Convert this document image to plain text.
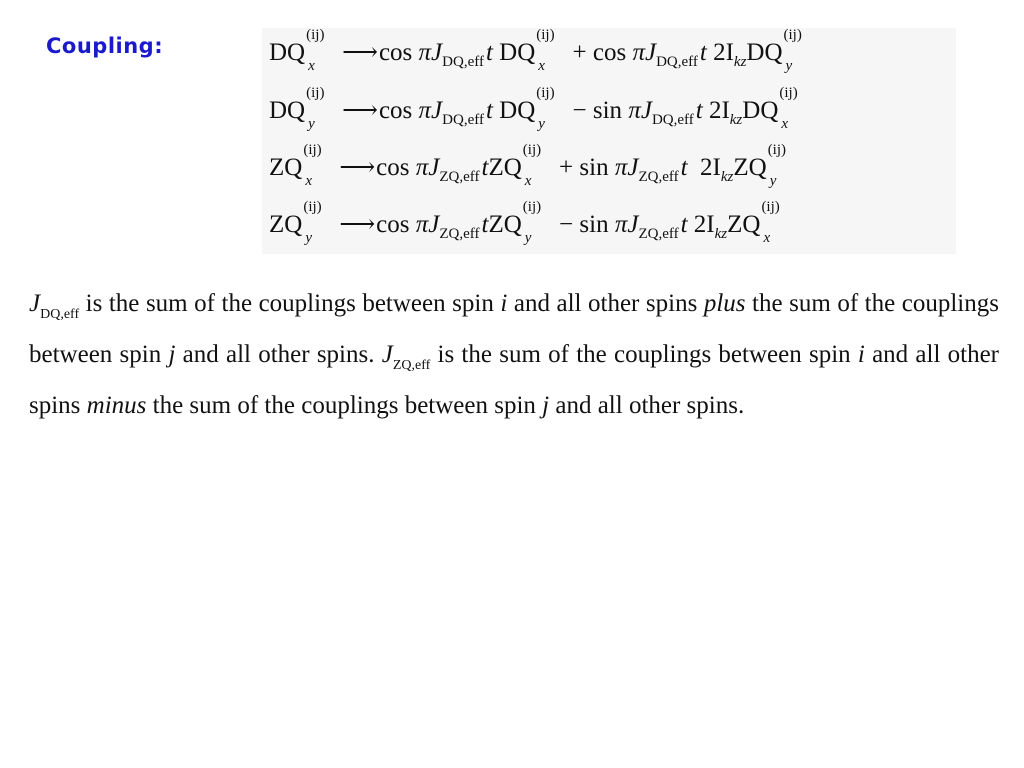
Coupling:	DQ
(ij)
x ⟶ $\cos \pi J_{DQ,eff}t$ DQ
(ij)
$x + \cos \pi J_{DQ,eff}t$ $2I_{kz}DQ$
(ij)
y
DQ
(ij)
y ⟶ $\cos \pi J_{DQ,eff}t$ DQ
(ij)
$y - \sin \pi J_{DQ,eff}t$ $2I_{kz}DQ$
(ij)
x
ZQ
(ij)
x ⟶ $\cos \pi J_{ZQ,eff}tZQ$
(ij)
$x + \sin \pi J_{ZQ,eff}t$ $2I_{kz}ZQ$
(ij)
y
ZQ
(ij)
y ⟶ $\cos \pi J_{ZQ,eff}tZQ$
(ij)
$y - \sin \pi J_{ZQ,eff}t$ $2I_{kz}ZQ$
(ij)
x
$J_{DQ,eff}$ is the sum of the couplings between spin i and all other spins plus the sum of the couplings between spin j and all other spins. $J_{ZQ,eff}$ is the sum of the couplings between spin i and all other spins minus the sum of the couplings between spin j and all other spins.
